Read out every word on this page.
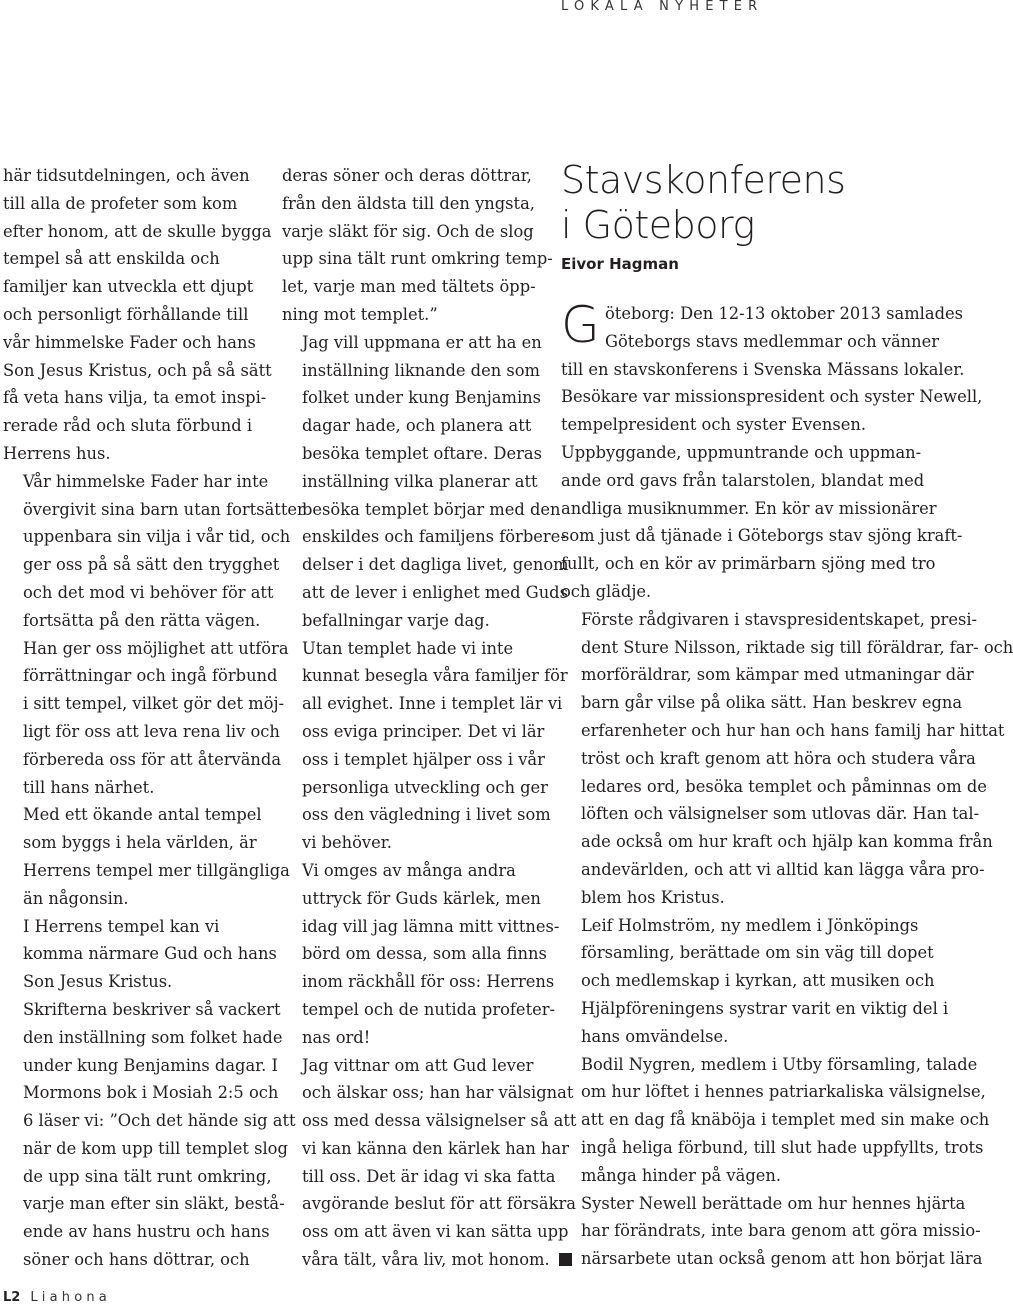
LOKALA NYHETER

här tidsutdelningen, och även
till alla de profeter som kom
efter honom, att de skulle bygga
tempel så att enskilda och
familjer kan utveckla ett djupt
och personligt förhållande till
vår himmelske Fader och hans
Son Jesus Kristus, och på så sätt
få veta hans vilja, ta emot inspi-
rerade råd och sluta förbund i
Herrens hus.

Vår himmelske Fader har inte
övergivit sina barn utan fortsätter
uppenbara sin vilja i vår tid, och
ger oss på så sätt den trygghet
och det mod vi behöver för att
fortsätta på den rätta vägen.
Han ger oss möjlighet att utföra
förrättningar och ingå förbund
i sitt tempel, vilket gör det möj-
ligt för oss att leva rena liv och
förbereda oss för att återvända
till hans närhet.

Med ett ökande antal tempel
som byggs i hela världen, är
Herrens tempel mer tillgängliga
än någonsin.

I Herrens tempel kan vi
komma närmare Gud och hans
Son Jesus Kristus.

Skrifterna beskriver så vackert
den inställning som folket hade
under kung Benjamins dagar. I
Mormons bok i Mosiah 2:5 och
6 läser vi: ”Och det hände sig att
när de kom upp till templet slog
de upp sina tält runt omkring,
varje man efter sin släkt, bestå-
ende av hans hustru och hans
söner och hans döttrar, och

deras söner och deras döttrar,
från den äldsta till den yngsta,
varje släkt för sig. Och de slog
upp sina tält runt omkring temp-
let, varje man med tältets öpp-
ning mot templet.”

Jag vill uppmana er att ha en
inställning liknande den som
folket under kung Benjamins
dagar hade, och planera att
besöka templet oftare. Deras
inställning vilka planerar att
besöka templet börjar med den
enskildes och familjens förbere-
delser i det dagliga livet, genom
att de lever i enlighet med Guds
befallningar varje dag.

Utan templet hade vi inte
kunnat besegla våra familjer för
all evighet. Inne i templet lär vi
oss eviga principer. Det vi lär
oss i templet hjälper oss i vår
personliga utveckling och ger
oss den vägledning i livet som
vi behöver.

Vi omges av många andra
uttryck för Guds kärlek, men
idag vill jag lämna mitt vittnes-
börd om dessa, som alla finns
inom räckhåll för oss: Herrens
tempel och de nutida profeter-
nas ord!

Jag vittnar om att Gud lever
och älskar oss; han har välsignat
oss med dessa välsignelser så att
vi kan känna den kärlek han har
till oss. Det är idag vi ska fatta
avgörande beslut för att försäkra
oss om att även vi kan sätta upp
våra tält, våra liv, mot honom.

Stavskonferens
i Göteborg
Eivor Hagman
G öteborg: Den 12-13 oktober 2013 samlades
Göteborgs stavs medlemmar och vänner
till en stavskonferens i Svenska Mässans lokaler.
Besökare var missionspresident och syster Newell,
tempelpresident och syster Evensen.

Uppbyggande, uppmuntrande och uppman-
ande ord gavs från talarstolen, blandat med
andliga musiknummer. En kör av missionärer
som just då tjänade i Göteborgs stav sjöng kraft-
fullt, och en kör av primärbarn sjöng med tro
och glädje.

Förste rådgivaren i stavspresidentskapet, presi-
dent Sture Nilsson, riktade sig till föräldrar, far- och
morföräldrar, som kämpar med utmaningar där
barn går vilse på olika sätt. Han beskrev egna
erfarenheter och hur han och hans familj har hittat
tröst och kraft genom att höra och studera våra
ledares ord, besöka templet och påminnas om de
löften och välsignelser som utlovas där. Han tal-
ade också om hur kraft och hjälp kan komma från
andevärlden, och att vi alltid kan lägga våra pro-
blem hos Kristus.

Leif Holmström, ny medlem i Jönköpings
församling, berättade om sin väg till dopet
och medlemskap i kyrkan, att musiken och
Hjälpföreningens systrar varit en viktig del i
hans omvändelse.

Bodil Nygren, medlem i Utby församling, talade
om hur löftet i hennes patriarkaliska välsignelse,
att en dag få knäböja i templet med sin make och
ingå heliga förbund, till slut hade uppfyllts, trots
många hinder på vägen.

Syster Newell berättade om hur hennes hjärta
har förändrats, inte bara genom att göra missio-
närsarbete utan också genom att hon börjat lära

L2 Liahona
